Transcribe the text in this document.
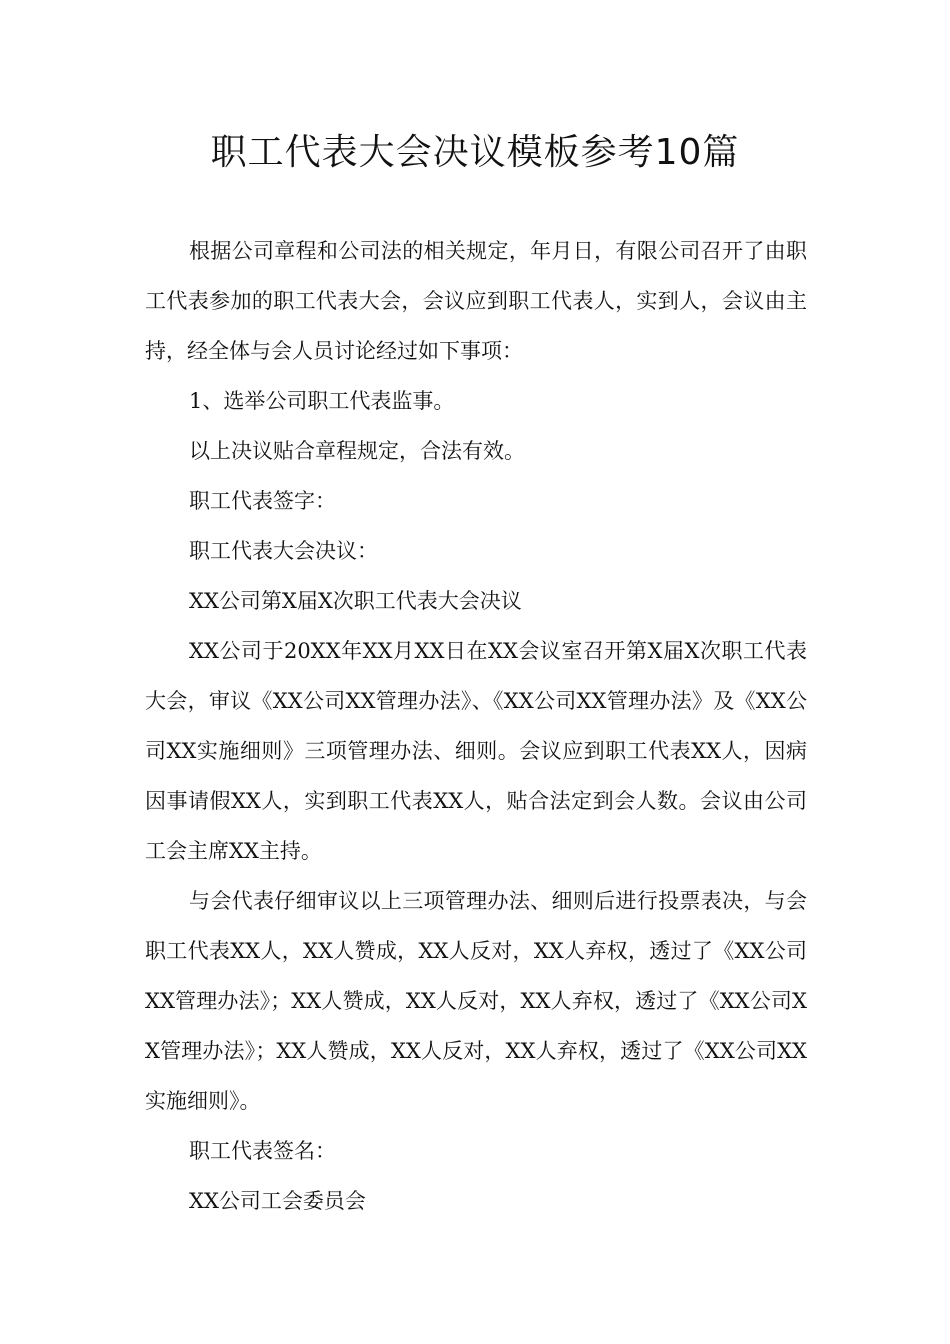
职工代表大会决议模板参考10篇

根据公司章程和公司法的相关规定，年月日，有限公司召开了由职工代表参加的职工代表大会，会议应到职工代表人，实到人，会议由主持，经全体与会人员讨论经过如下事项：

1、选举公司职工代表监事。

以上决议贴合章程规定，合法有效。

职工代表签字：

职工代表大会决议：

XX公司第X届X次职工代表大会决议

XX公司于20XX年XX月XX日在XX会议室召开第X届X次职工代表大会，审议《XX公司XX管理办法》、《XX公司XX管理办法》及《XX公司XX实施细则》三项管理办法、细则。会议应到职工代表XX人，因病因事请假XX人，实到职工代表XX人，贴合法定到会人数。会议由公司工会主席XX主持。

与会代表仔细审议以上三项管理办法、细则后进行投票表决，与会职工代表XX人，XX人赞成，XX人反对，XX人弃权，透过了《XX公司XX管理办法》；XX人赞成，XX人反对，XX人弃权，透过了《XX公司XX管理办法》；XX人赞成，XX人反对，XX人弃权，透过了《XX公司XX实施细则》。

职工代表签名：

XX公司工会委员会
